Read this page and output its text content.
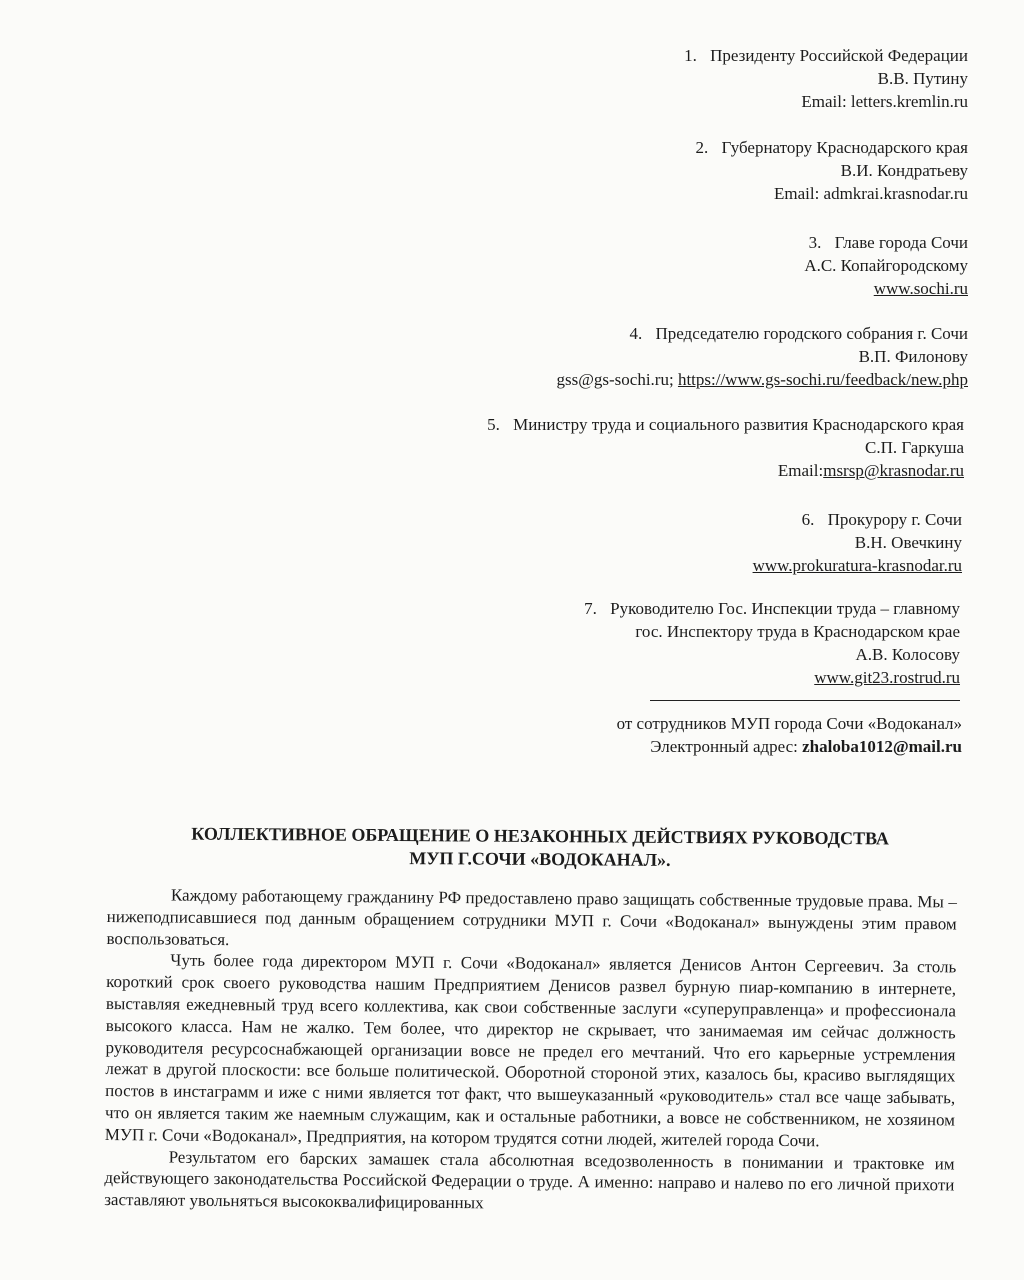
1. Президенту Российской Федерации
В.В. Путину
Email: letters.kremlin.ru
2. Губернатору Краснодарского края
В.И. Кондратьеву
Email: admkrai.krasnodar.ru
3. Главе города Сочи
А.С. Копайгородскому
www.sochi.ru
4. Председателю городского собрания г. Сочи
В.П. Филонову
gss@gs-sochi.ru; https://www.gs-sochi.ru/feedback/new.php
5. Министру труда и социального развития Краснодарского края
С.П. Гаркуша
Email:msrsp@krasnodar.ru
6. Прокурору г. Сочи
В.Н. Овечкину
www.prokuratura-krasnodar.ru
7. Руководителю Гос. Инспекции труда – главному
гос. Инспектору труда в Краснодарском крае
А.В. Колосову
www.git23.rostrud.ru
от сотрудников МУП города Сочи «Водоканал»
Электронный адрес: zhaloba1012@mail.ru
КОЛЛЕКТИВНОЕ ОБРАЩЕНИЕ О НЕЗАКОННЫХ ДЕЙСТВИЯХ РУКОВОДСТВА
МУП Г.СОЧИ «ВОДОКАНАЛ».

Каждому работающему гражданину РФ предоставлено право защищать собственные трудовые права. Мы – нижеподписавшиеся под данным обращением сотрудники МУП г. Сочи «Водоканал» вынуждены этим правом воспользоваться.

Чуть более года директором МУП г. Сочи «Водоканал» является Денисов Антон Сергеевич. За столь короткий срок своего руководства нашим Предприятием Денисов развел бурную пиар-компанию в интернете, выставляя ежедневный труд всего коллектива, как свои собственные заслуги «суперуправленца» и профессионала высокого класса. Нам не жалко. Тем более, что директор не скрывает, что занимаемая им сейчас должность руководителя ресурсоснабжающей организации вовсе не предел его мечтаний. Что его карьерные устремления лежат в другой плоскости: все больше политической. Оборотной стороной этих, казалось бы, красиво выглядящих постов в инстаграмм и иже с ними является тот факт, что вышеуказанный «руководитель» стал все чаще забывать, что он является таким же наемным служащим, как и остальные работники, а вовсе не собственником, не хозяином МУП г. Сочи «Водоканал», Предприятия, на котором трудятся сотни людей, жителей города Сочи.

Результатом его барских замашек стала абсолютная вседозволенность в понимании и трактовке им действующего законодательства Российской Федерации о труде. А именно: направо и налево по его личной прихоти заставляют увольняться высококвалифицированных
